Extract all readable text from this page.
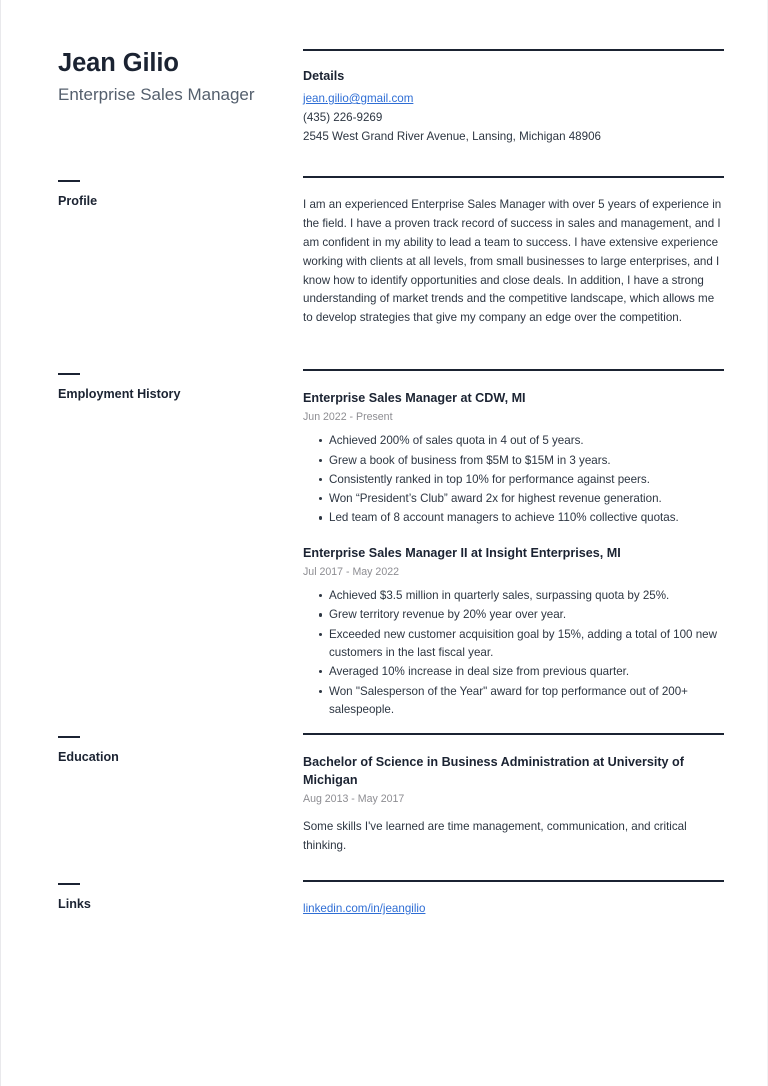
Jean Gilio
Enterprise Sales Manager
Profile
Employment History
Education
Links
Details
jean.gilio@gmail.com
(435) 226-9269
2545 West Grand River Avenue, Lansing, Michigan 48906

I am an experienced Enterprise Sales Manager with over 5 years of experience in the field. I have a proven track record of success in sales and management, and I am confident in my ability to lead a team to success. I have extensive experience working with clients at all levels, from small businesses to large enterprises, and I know how to identify opportunities and close deals. In addition, I have a strong understanding of market trends and the competitive landscape, which allows me to develop strategies that give my company an edge over the competition.

Enterprise Sales Manager at CDW, MI
Jun 2022 - Present
Achieved 200% of sales quota in 4 out of 5 years.
Grew a book of business from $5M to $15M in 3 years.
Consistently ranked in top 10% for performance against peers.
Won “President’s Club” award 2x for highest revenue generation.
Led team of 8 account managers to achieve 110% collective quotas.
Enterprise Sales Manager II at Insight Enterprises, MI
Jul 2017 - May 2022
Achieved $3.5 million in quarterly sales, surpassing quota by 25%.
Grew territory revenue by 20% year over year.
Exceeded new customer acquisition goal by 15%, adding a total of 100 new customers in the last fiscal year.
Averaged 10% increase in deal size from previous quarter.
Won "Salesperson of the Year" award for top performance out of 200+ salespeople.
Bachelor of Science in Business Administration at University of Michigan
Aug 2013 - May 2017

Some skills I've learned are time management, communication, and critical thinking.

linkedin.com/in/jeangilio
